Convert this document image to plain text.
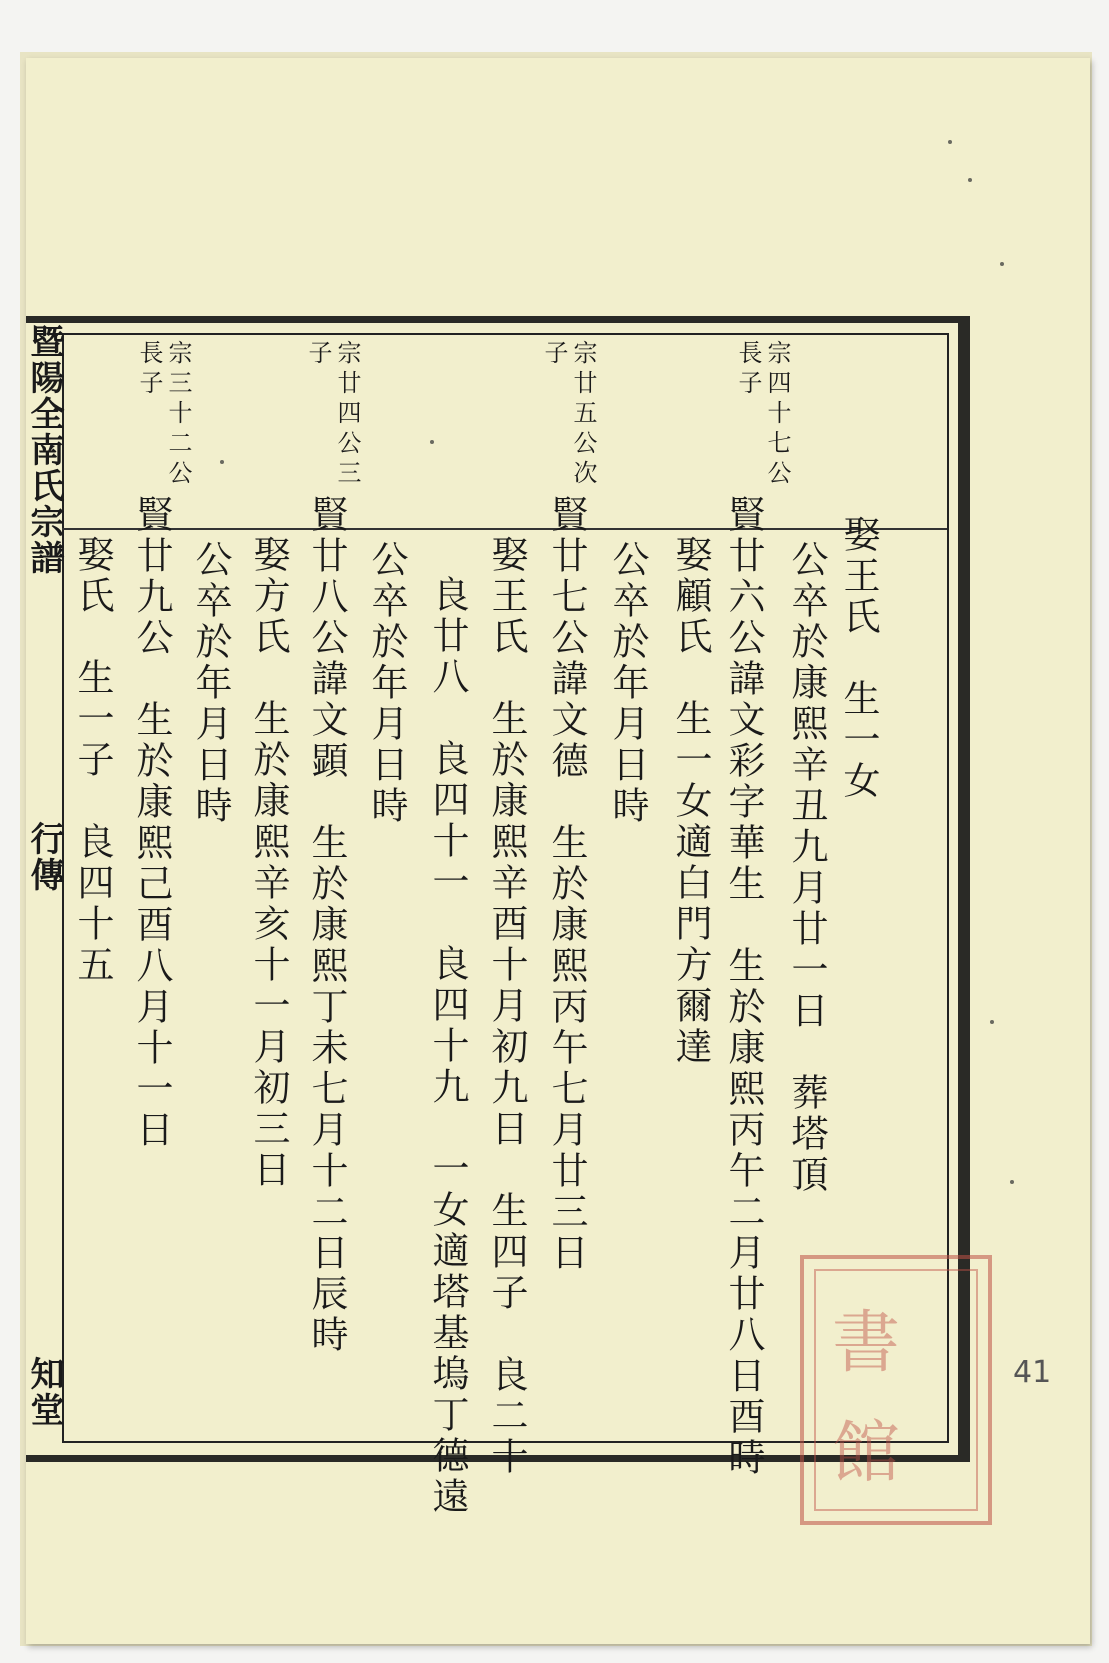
暨陽全南氏宗譜
行傳
知堂
宗四十七公
長子
宗廿五公次
子
宗廿四公三
子
宗三十二公
長子
娶王氏　生一女
公卒於康熙辛丑九月廿一日　葬塔頂
賢廿六公諱文彩字華生　生於康熙丙午二月廿八日酉時
娶顧氏　生一女適白門方爾達
公卒於年月日時
賢廿七公諱文德　生於康熙丙午七月廿三日
娶王氏　生於康熙辛酉十月初九日　生四子　良二十
良廿八　良四十一　良四十九　一女適塔基塢丁德遠
公卒於年月日時
賢廿八公諱文顕　生於康熙丁未七月十二日辰時
娶方氏　生於康熙辛亥十一月初三日
公卒於年月日時
賢廿九公　生於康熙己酉八月十一日
娶氏　生一子　良四十五
書
館
41
